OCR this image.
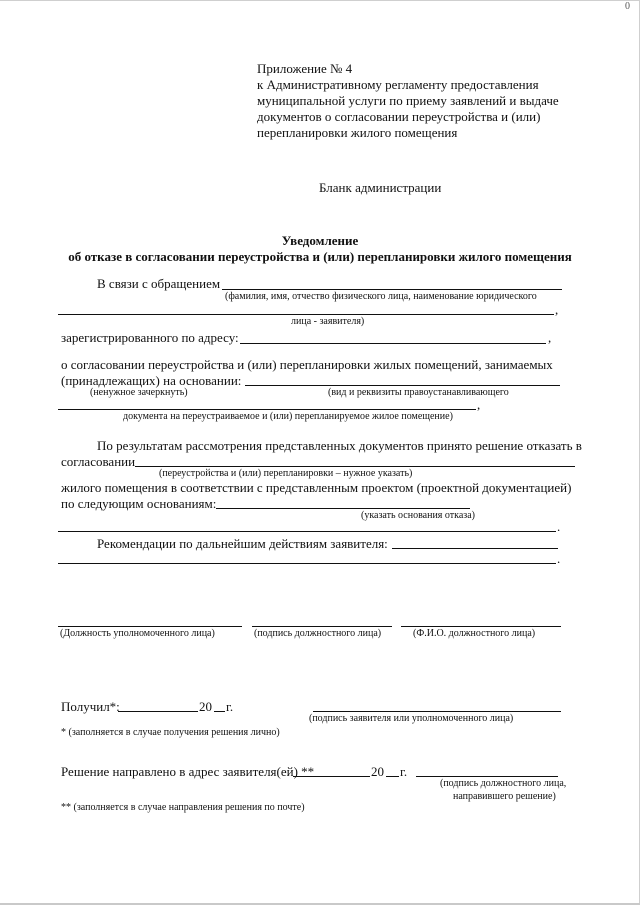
0
Приложение № 4
к Административному регламенту предоставления
муниципальной услуги по приему заявлений и выдаче
документов о согласовании переустройства и (или)
перепланировки жилого помещения
Бланк администрации
Уведомление
об отказе в согласовании переустройства и (или) перепланировки жилого помещения
В связи с обращением
(фамилия, имя, отчество физического лица, наименование юридического
,
лица - заявителя)
зарегистрированного по адресу:	,
о согласовании переустройства и (или) перепланировки жилых помещений, занимаемых
(принадлежащих) на основании:
(ненужное зачеркнуть)	(вид и реквизиты правоустанавливающего
,
документа на переустраиваемое и (или) перепланируемое жилое помещение)
По результатам рассмотрения представленных документов принято решение отказать в
согласовании
(переустройства и (или) перепланировки – нужное указать)
жилого помещения в соответствии с представленным проектом (проектной документацией)
по следующим основаниям:
(указать основания отказа)
.
Рекомендации по дальнейшим действиям заявителя:
.
(Должность уполномоченного лица)	(подпись должностного лица)	(Ф.И.О. должностного лица)
Получил*:	20 г.
(подпись заявителя или уполномоченного лица)
* (заполняется в случае получения решения лично)
Решение направлено в адрес заявителя(ей) **	20 г.
(подпись должностного лица,
направившего решение)
** (заполняется в случае направления решения по почте)
